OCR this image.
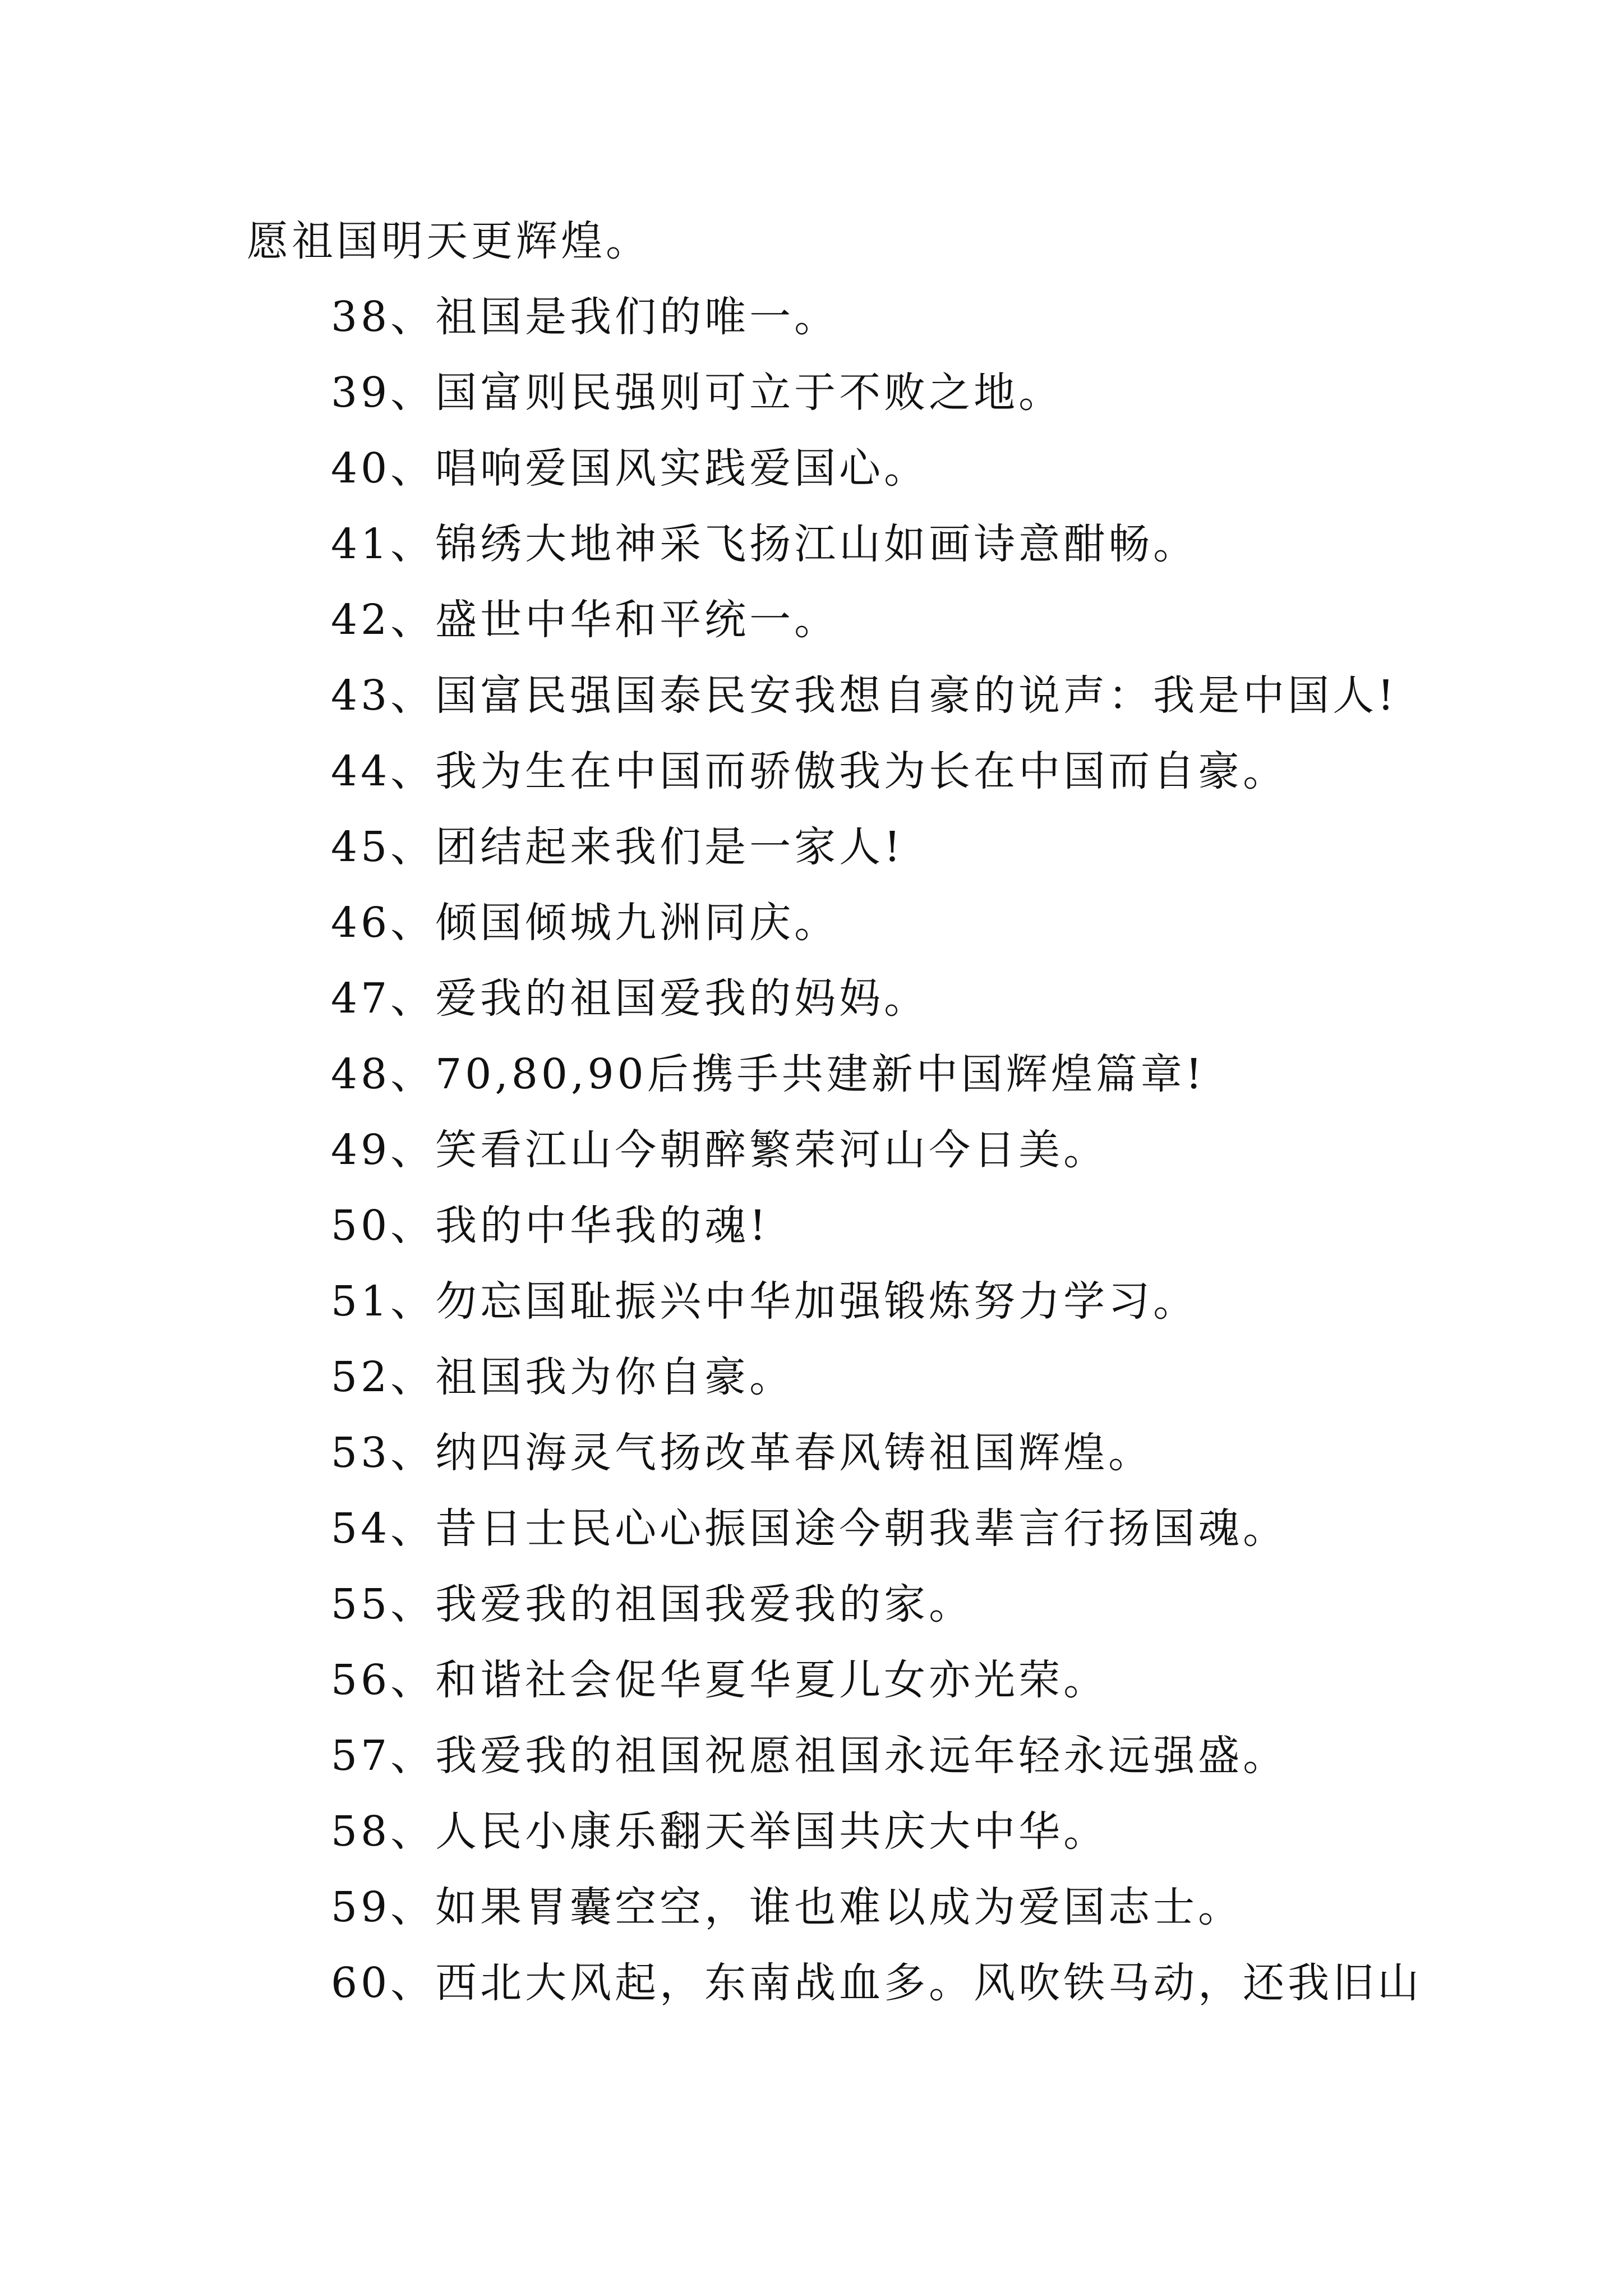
愿祖国明天更辉煌。
38、祖国是我们的唯一。
39、国富则民强则可立于不败之地。
40、唱响爱国风实践爱国心。
41、锦绣大地神采飞扬江山如画诗意酣畅。
42、盛世中华和平统一。
43、国富民强国泰民安我想自豪的说声：我是中国人!
44、我为生在中国而骄傲我为长在中国而自豪。
45、团结起来我们是一家人!
46、倾国倾城九洲同庆。
47、爱我的祖国爱我的妈妈。
48、70,80,90后携手共建新中国辉煌篇章!
49、笑看江山今朝醉繁荣河山今日美。
50、我的中华我的魂!
51、勿忘国耻振兴中华加强锻炼努力学习。
52、祖国我为你自豪。
53、纳四海灵气扬改革春风铸祖国辉煌。
54、昔日士民心心振国途今朝我辈言行扬国魂。
55、我爱我的祖国我爱我的家。
56、和谐社会促华夏华夏儿女亦光荣。
57、我爱我的祖国祝愿祖国永远年轻永远强盛。
58、人民小康乐翻天举国共庆大中华。
59、如果胃囊空空，谁也难以成为爱国志士。
60、西北大风起，东南战血多。风吹铁马动，还我旧山
